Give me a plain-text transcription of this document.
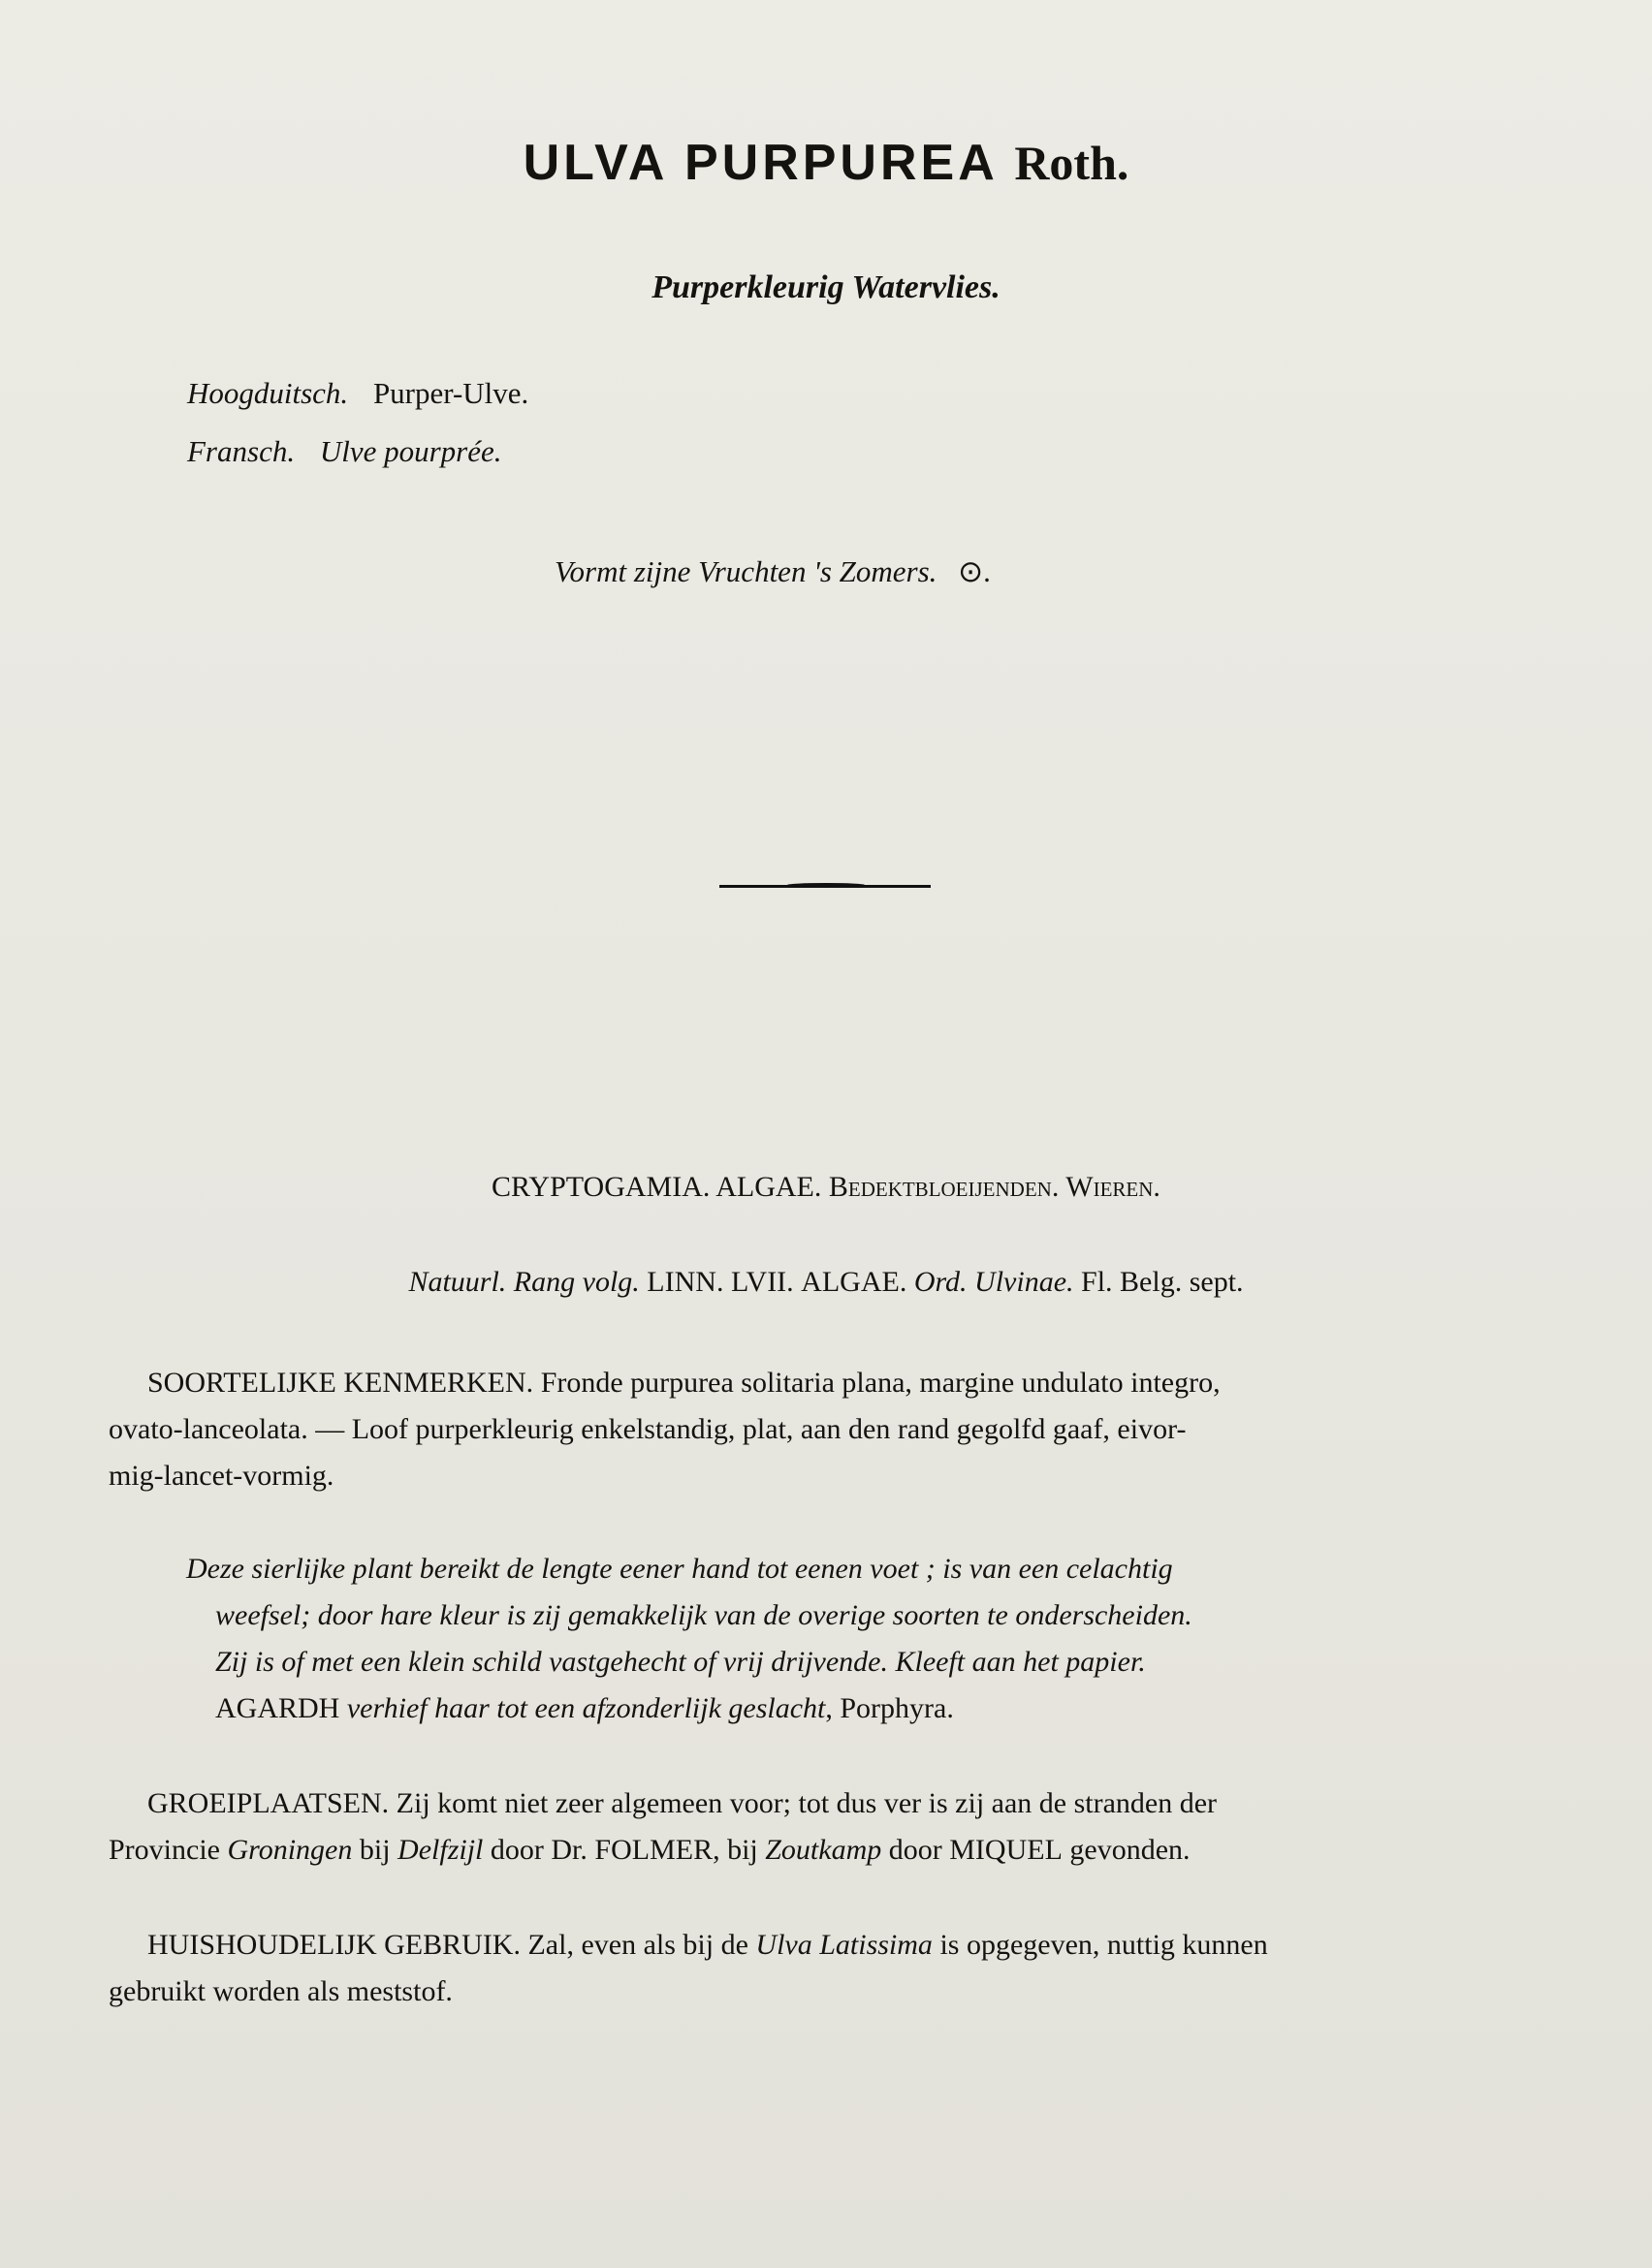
ULVA PURPUREA Roth.
Purperkleurig Watervlies.
Hoogduitsch. Purper-Ulve.
Fransch. Ulve pourprée.
Vormt zijne Vruchten 's Zomers. ⊙.
CRYPTOGAMIA. ALGAE. Bedektbloeijenden. Wieren.
Natuurl. Rang volg. LINN. LVII. ALGAE. Ord. Ulvinae. Fl. Belg. sept.
SOORTELIJKE KENMERKEN. Fronde purpurea solitaria plana, margine undulato integro,
ovato-lanceolata. — Loof purperkleurig enkelstandig, plat, aan den rand gegolfd gaaf, eivor-
mig-lancet-vormig.
Deze sierlijke plant bereikt de lengte eener hand tot eenen voet ; is van een celachtig
weefsel; door hare kleur is zij gemakkelijk van de overige soorten te onderscheiden.
Zij is of met een klein schild vastgehecht of vrij drijvende. Kleeft aan het papier.
AGARDH verhief haar tot een afzonderlijk geslacht, Porphyra.
GROEIPLAATSEN. Zij komt niet zeer algemeen voor; tot dus ver is zij aan de stranden der
Provincie Groningen bij Delfzijl door Dr. FOLMER, bij Zoutkamp door MIQUEL gevonden.
HUISHOUDELIJK GEBRUIK. Zal, even als bij de Ulva Latissima is opgegeven, nuttig kunnen
gebruikt worden als meststof.
